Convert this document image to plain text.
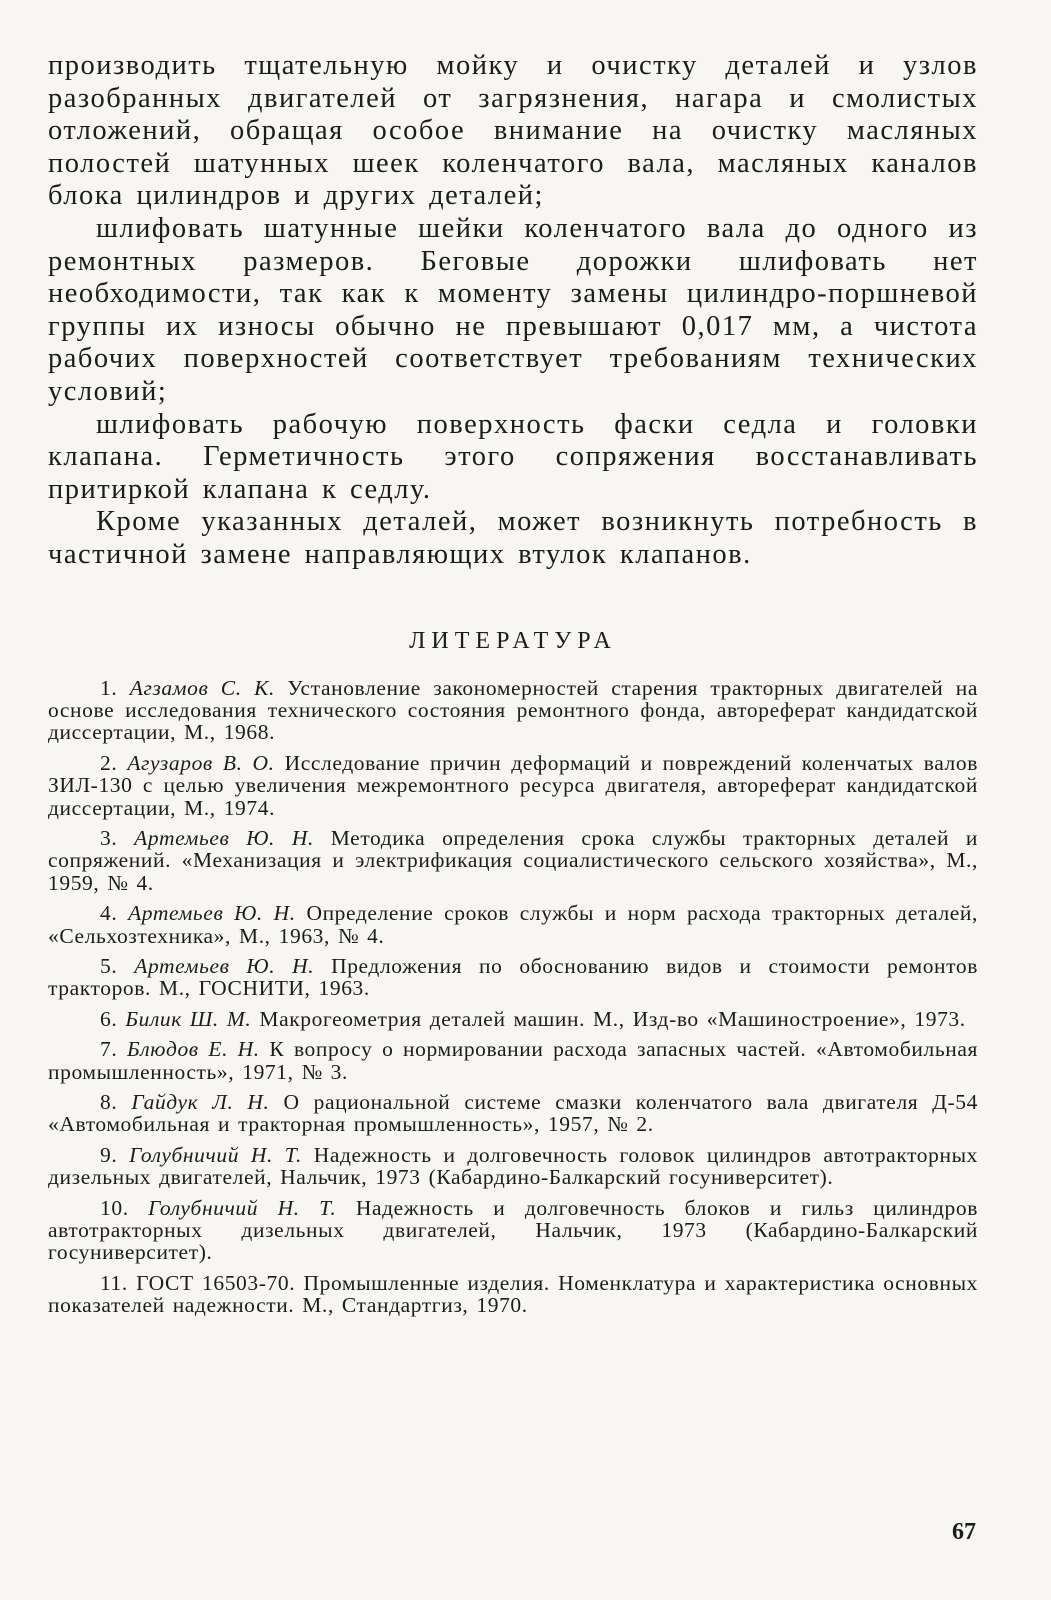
производить тщательную мойку и очистку деталей и узлов разобранных двигателей от загрязнения, нагара и смолистых отложений, обращая особое внимание на очистку масляных полостей шатунных шеек коленчатого вала, масляных каналов блока цилиндров и других деталей;

шлифовать шатунные шейки коленчатого вала до одного из ремонтных размеров. Беговые дорожки шлифовать нет необходимости, так как к моменту замены цилиндро-поршневой группы их износы обычно не превышают 0,017 мм, а чистота рабочих поверхностей соответствует требованиям технических условий;

шлифовать рабочую поверхность фаски седла и головки клапана. Герметичность этого сопряжения восстанавливать притиркой клапана к седлу.

Кроме указанных деталей, может возникнуть потребность в частичной замене направляющих втулок клапанов.

ЛИТЕРАТУРА

1. Агзамов С. К. Установление закономерностей старения тракторных двигателей на основе исследования технического состояния ремонтного фонда, автореферат кандидатской диссертации, М., 1968.

2. Агузаров В. О. Исследование причин деформаций и повреждений коленчатых валов ЗИЛ-130 с целью увеличения межремонтного ресурса двигателя, автореферат кандидатской диссертации, М., 1974.

3. Артемьев Ю. Н. Методика определения срока службы тракторных деталей и сопряжений. «Механизация и электрификация социалистического сельского хозяйства», М., 1959, № 4.

4. Артемьев Ю. Н. Определение сроков службы и норм расхода тракторных деталей, «Сельхозтехника», М., 1963, № 4.

5. Артемьев Ю. Н. Предложения по обоснованию видов и стоимости ремонтов тракторов. М., ГОСНИТИ, 1963.

6. Билик Ш. М. Макрогеометрия деталей машин. М., Изд-во «Машиностроение», 1973.

7. Блюдов Е. Н. К вопросу о нормировании расхода запасных частей. «Автомобильная промышленность», 1971, № 3.

8. Гайдук Л. Н. О рациональной системе смазки коленчатого вала двигателя Д-54 «Автомобильная и тракторная промышленность», 1957, № 2.

9. Голубничий Н. Т. Надежность и долговечность головок цилиндров автотракторных дизельных двигателей, Нальчик, 1973 (Кабардино-Балкарский госуниверситет).

10. Голубничий Н. Т. Надежность и долговечность блоков и гильз цилиндров автотракторных дизельных двигателей, Нальчик, 1973 (Кабардино-Балкарский госуниверситет).

11. ГОСТ 16503-70. Промышленные изделия. Номенклатура и характеристика основных показателей надежности. М., Стандартгиз, 1970.

67
